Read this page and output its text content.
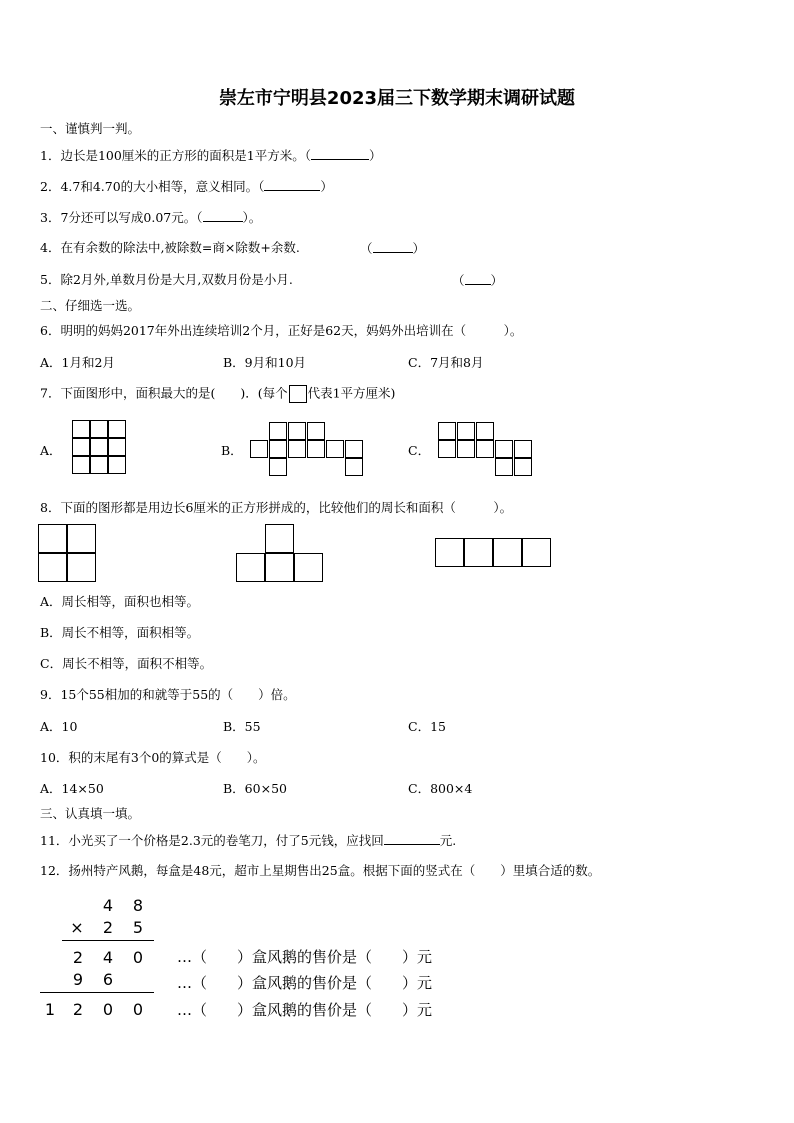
崇左市宁明县2023届三下数学期末调研试题
一、谨慎判一判。
1．边长是100厘米的正方形的面积是1平方米。（	）
2．4.7和4.70的大小相等，意义相同。（	）
3．7分还可以写成0.07元。（	）。
4．在有余数的除法中,被除数=商×除数+余数.	（	）
5．除2月外,单数月份是大月,双数月份是小月.	（ ）
二、仔细选一选。
6．明明的妈妈2017年外出连续培训2个月，正好是62天，妈妈外出培训在（　　　）。
A．1月和2月	B．9月和10月	C．7月和8月
7．下面图形中，面积最大的是(　　)．(每个 代表1平方厘米)
A．	B．	C．
8．下面的图形都是用边长6厘米的正方形拼成的，比较他们的周长和面积（　　　）。
A．周长相等，面积也相等。
B．周长不相等，面积相等。
C．周长不相等，面积不相等。
9．15个55相加的和就等于55的（　　）倍。
A．10	B．55	C．15
10．积的末尾有3个0的算式是（　　）。
A．14×50	B．60×50	C．800×4
三、认真填一填。
11．小光买了一个价格是2.3元的卷笔刀，付了5元钱，应找回	元.
12．扬州特产风鹅，每盒是48元，超市上星期售出25盒。根据下面的竖式在（　　）里填合适的数。
4	8
×	2	5
2	4	0
9	6
1	2	0	0
…（　　）盒风鹅的售价是（　　）元
…（　　）盒风鹅的售价是（　　）元
…（　　）盒风鹅的售价是（　　）元
